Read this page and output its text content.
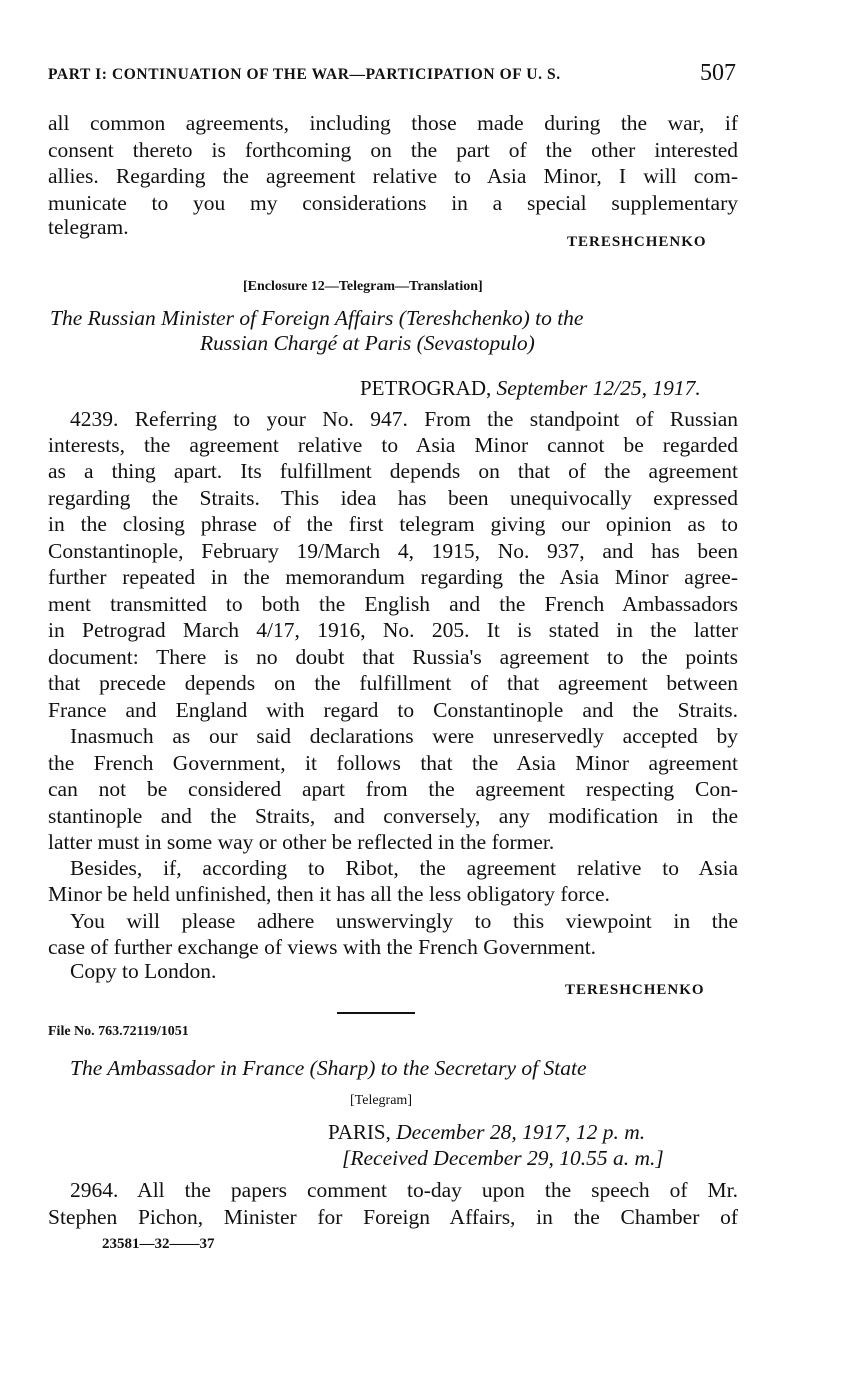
PART I: CONTINUATION OF THE WAR—PARTICIPATION OF U. S.	507
all common agreements, including those made during the war, if
consent thereto is forthcoming on the part of the other interested
allies. Regarding the agreement relative to Asia Minor, I will com-
municate to you my considerations in a special supplementary
telegram.
TERESHCHENKO
[Enclosure 12—Telegram—Translation]
The Russian Minister of Foreign Affairs (Tereshchenko) to the
Russian Chargé at Paris (Sevastopulo)
PETROGRAD, September 12/25, 1917.
4239. Referring to your No. 947. From the standpoint of Russian
interests, the agreement relative to Asia Minor cannot be regarded
as a thing apart. Its fulfillment depends on that of the agreement
regarding the Straits. This idea has been unequivocally expressed
in the closing phrase of the first telegram giving our opinion as to
Constantinople, February 19/March 4, 1915, No. 937, and has been
further repeated in the memorandum regarding the Asia Minor agree-
ment transmitted to both the English and the French Ambassadors
in Petrograd March 4/17, 1916, No. 205. It is stated in the latter
document: There is no doubt that Russia's agreement to the points
that precede depends on the fulfillment of that agreement between
France and England with regard to Constantinople and the Straits.
Inasmuch as our said declarations were unreservedly accepted by
the French Government, it follows that the Asia Minor agreement
can not be considered apart from the agreement respecting Con-
stantinople and the Straits, and conversely, any modification in the
latter must in some way or other be reflected in the former.
Besides, if, according to Ribot, the agreement relative to Asia
Minor be held unfinished, then it has all the less obligatory force.
You will please adhere unswervingly to this viewpoint in the
case of further exchange of views with the French Government.
Copy to London.
TERESHCHENKO
File No. 763.72119/1051
The Ambassador in France (Sharp) to the Secretary of State
[Telegram]
PARIS, December 28, 1917, 12 p. m.
[Received December 29, 10.55 a. m.]
2964. All the papers comment to-day upon the speech of Mr.
Stephen Pichon, Minister for Foreign Affairs, in the Chamber of
23581—32——37
